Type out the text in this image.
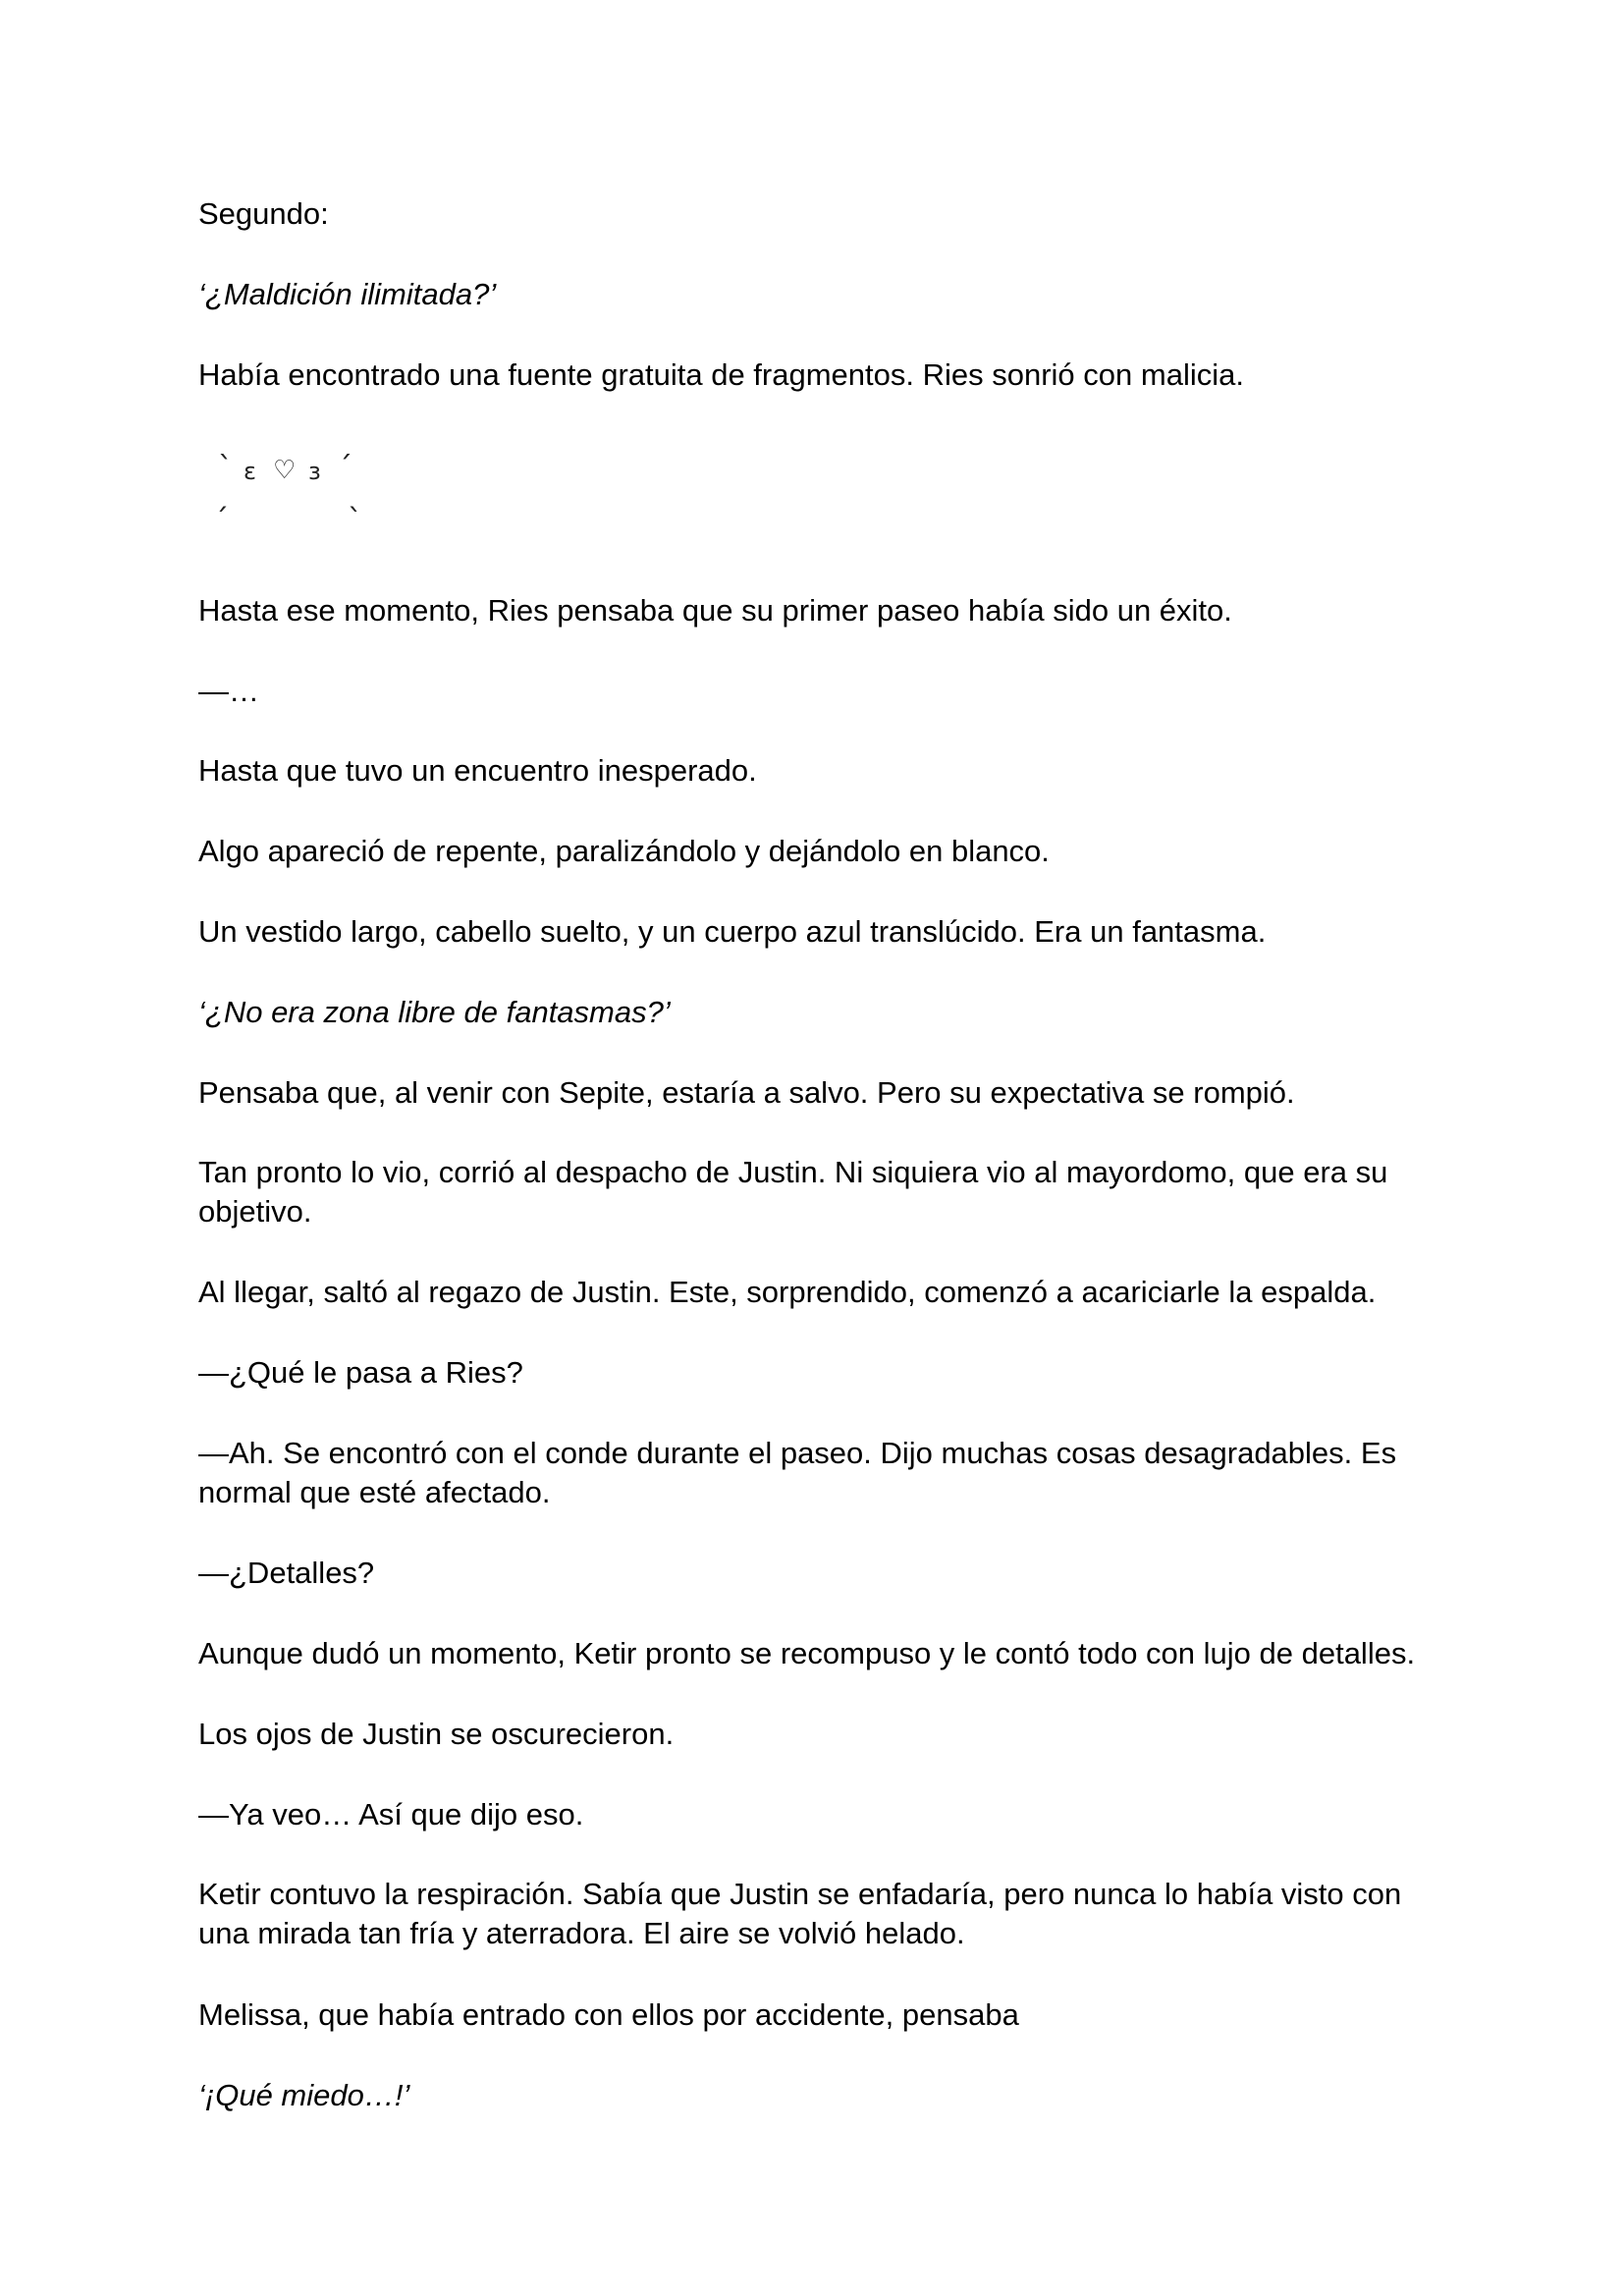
Segundo:

‘¿Maldición ilimitada?’

Había encontrado una fuente gratuita de fragmentos. Ries sonrió con malicia.

ˏ
ˋ ɛ ♡ ɜ ˊ
ˎ

Hasta ese momento, Ries pensaba que su primer paseo había sido un éxito.

—…

Hasta que tuvo un encuentro inesperado.

Algo apareció de repente, paralizándolo y dejándolo en blanco.

Un vestido largo, cabello suelto, y un cuerpo azul translúcido. Era un fantasma.

‘¿No era zona libre de fantasmas?’

Pensaba que, al venir con Sepite, estaría a salvo. Pero su expectativa se rompió.

Tan pronto lo vio, corrió al despacho de Justin. Ni siquiera vio al mayordomo, que era su objetivo.

Al llegar, saltó al regazo de Justin. Este, sorprendido, comenzó a acariciarle la espalda.

—¿Qué le pasa a Ries?

—Ah. Se encontró con el conde durante el paseo. Dijo muchas cosas desagradables. Es normal que esté afectado.

—¿Detalles?

Aunque dudó un momento, Ketir pronto se recompuso y le contó todo con lujo de detalles.

Los ojos de Justin se oscurecieron.

—Ya veo… Así que dijo eso.

Ketir contuvo la respiración. Sabía que Justin se enfadaría, pero nunca lo había visto con una mirada tan fría y aterradora. El aire se volvió helado.

Melissa, que había entrado con ellos por accidente, pensaba

‘¡Qué miedo…!’
